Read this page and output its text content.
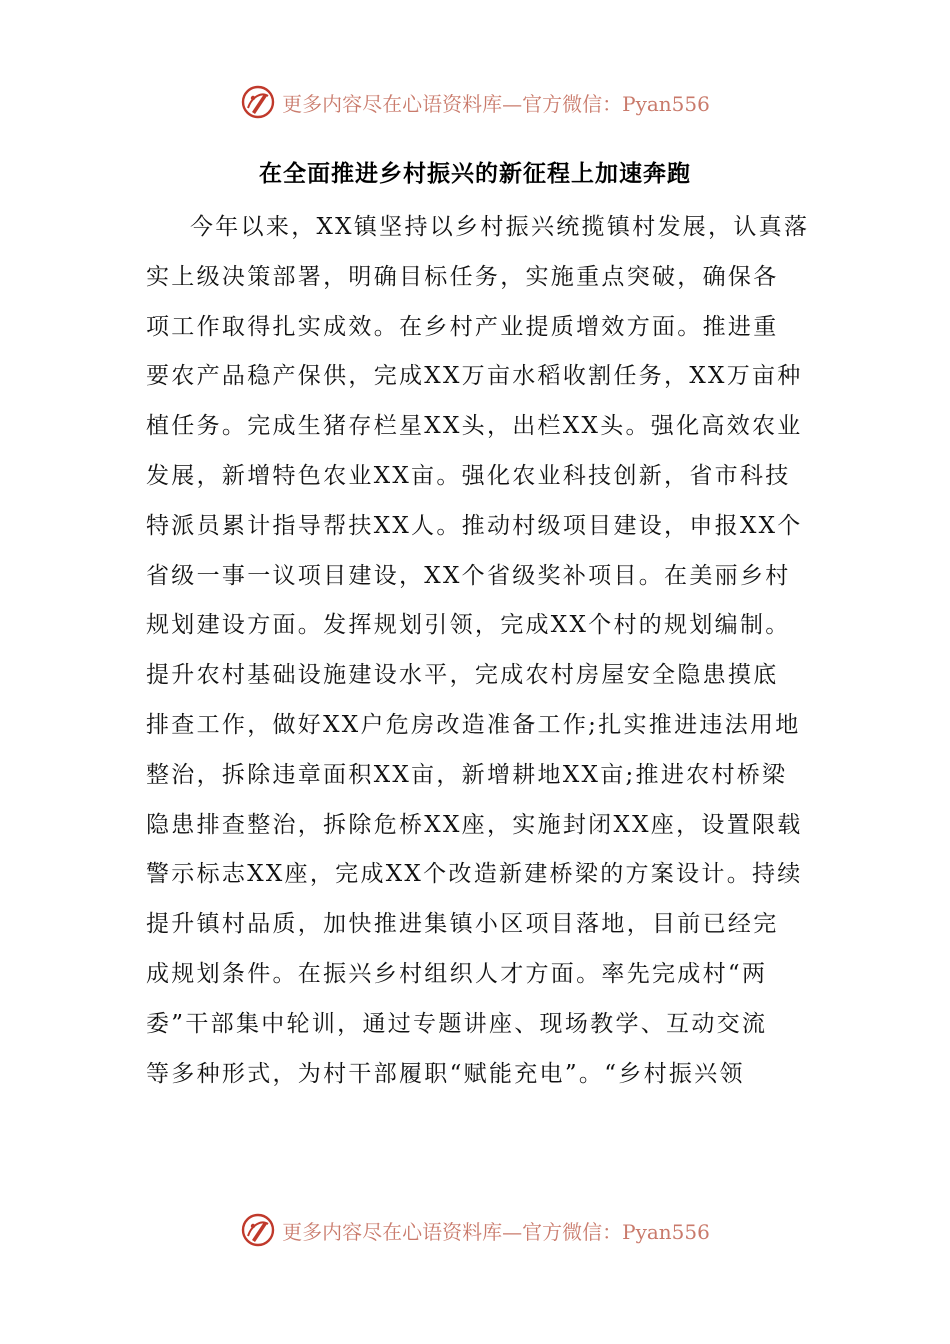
更多内容尽在心语资料库—官方微信：Pyan556
在全面推进乡村振兴的新征程上加速奔跑
今年以来，XX镇坚持以乡村振兴统揽镇村发展，认真落
实上级决策部署，明确目标任务，实施重点突破，确保各
项工作取得扎实成效。在乡村产业提质增效方面。推进重
要农产品稳产保供，完成XX万亩水稻收割任务，XX万亩种
植任务。完成生猪存栏星XX头，出栏XX头。强化高效农业
发展，新增特色农业XX亩。强化农业科技创新，省市科技
特派员累计指导帮扶XX人。推动村级项目建设，申报XX个
省级一事一议项目建设，XX个省级奖补项目。在美丽乡村
规划建设方面。发挥规划引领，完成XX个村的规划编制。
提升农村基础设施建设水平，完成农村房屋安全隐患摸底
排查工作，做好XX户危房改造准备工作;扎实推进违法用地
整治，拆除违章面积XX亩，新增耕地XX亩;推进农村桥梁
隐患排查整治，拆除危桥XX座，实施封闭XX座，设置限载
警示标志XX座，完成XX个改造新建桥梁的方案设计。持续
提升镇村品质，加快推进集镇小区项目落地，目前已经完
成规划条件。在振兴乡村组织人才方面。率先完成村“两
委”干部集中轮训，通过专题讲座、现场教学、互动交流
等多种形式，为村干部履职“赋能充电”。“乡村振兴领
更多内容尽在心语资料库—官方微信：Pyan556
